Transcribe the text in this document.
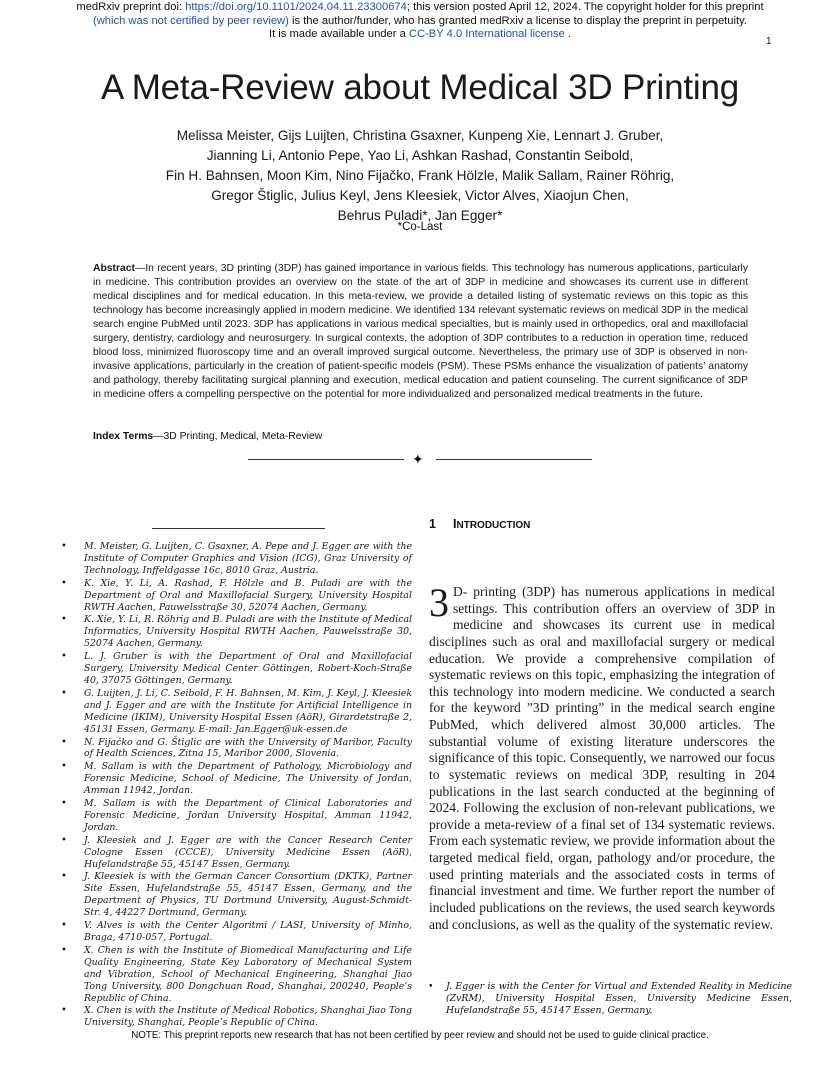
medRxiv preprint doi: https://doi.org/10.1101/2024.04.11.23300674; this version posted April 12, 2024. The copyright holder for this preprint
(which was not certified by peer review) is the author/funder, who has granted medRxiv a license to display the preprint in perpetuity.
It is made available under a CC-BY 4.0 International license .
1
A Meta-Review about Medical 3D Printing
Melissa Meister, Gijs Luijten, Christina Gsaxner, Kunpeng Xie, Lennart J. Gruber,
Jianning Li, Antonio Pepe, Yao Li, Ashkan Rashad, Constantin Seibold,
Fin H. Bahnsen, Moon Kim, Nino Fijačko, Frank Hölzle, Malik Sallam, Rainer Röhrig,
Gregor Štiglic, Julius Keyl, Jens Kleesiek, Victor Alves, Xiaojun Chen,
Behrus Puladi*, Jan Egger*
*Co-Last
Abstract—In recent years, 3D printing (3DP) has gained importance in various fields. This technology has numerous applications, particularly in medicine. This contribution provides an overview on the state of the art of 3DP in medicine and showcases its current use in different medical disciplines and for medical education. In this meta-review, we provide a detailed listing of systematic reviews on this topic as this technology has become increasingly applied in modern medicine. We identified 134 relevant systematic reviews on medical 3DP in the medical search engine PubMed until 2023. 3DP has applications in various medical specialties, but is mainly used in orthopedics, oral and maxillofacial surgery, dentistry, cardiology and neurosurgery. In surgical contexts, the adoption of 3DP contributes to a reduction in operation time, reduced blood loss, minimized fluoroscopy time and an overall improved surgical outcome. Nevertheless, the primary use of 3DP is observed in non-invasive applications, particularly in the creation of patient-specific models (PSM). These PSMs enhance the visualization of patients’ anatomy and pathology, thereby facilitating surgical planning and execution, medical education and patient counseling. The current significance of 3DP in medicine offers a compelling perspective on the potential for more individualized and personalized medical treatments in the future.
Index Terms—3D Printing, Medical, Meta-Review
✦
• M. Meister, G. Luijten, C. Gsaxner, A. Pepe and J. Egger are with the Institute of Computer Graphics and Vision (ICG), Graz University of Technology, Inffeldgasse 16c, 8010 Graz, Austria.
• K. Xie, Y. Li, A. Rashad, F. Hölzle and B. Puladi are with the Department of Oral and Maxillofacial Surgery, University Hospital RWTH Aachen, Pauwelsstraße 30, 52074 Aachen, Germany.
• K. Xie, Y. Li, R. Röhrig and B. Puladi are with the Institute of Medical Informatics, University Hospital RWTH Aachen, Pauwelsstraße 30, 52074 Aachen, Germany.
• L. J. Gruber is with the Department of Oral and Maxillofacial Surgery, University Medical Center Göttingen, Robert-Koch-Straße 40, 37075 Göttingen, Germany.
• G. Luijten, J. Li, C. Seibold, F. H. Bahnsen, M. Kim, J. Keyl, J. Kleesiek and J. Egger and are with the Institute for Artificial Intelligence in Medicine (IKIM), University Hospital Essen (AöR), Girardetstraße 2, 45131 Essen, Germany. E-mail: Jan.Egger@uk-essen.de
• N. Fijačko and G. Štiglic are with the University of Maribor, Faculty of Health Sciences, Zitna 15, Maribor 2000, Slovenia.
• M. Sallam is with the Department of Pathology, Microbiology and Forensic Medicine, School of Medicine, The University of Jordan, Amman 11942, Jordan.
• M. Sallam is with the Department of Clinical Laboratories and Forensic Medicine, Jordan University Hospital, Amman 11942, Jordan.
• J. Kleesiek and J. Egger are with the Cancer Research Center Cologne Essen (CCCE), University Medicine Essen (AöR), Hufelandstraße 55, 45147 Essen, Germany.
• J. Kleesiek is with the German Cancer Consortium (DKTK), Partner Site Essen, Hufelandstraße 55, 45147 Essen, Germany, and the Department of Physics, TU Dortmund University, August-Schmidt-Str. 4, 44227 Dortmund, Germany.
• V. Alves is with the Center Algoritmi / LASI, University of Minho, Braga, 4710-057, Portugal.
• X. Chen is with the Institute of Biomedical Manufacturing and Life Quality Engineering, State Key Laboratory of Mechanical System and Vibration, School of Mechanical Engineering, Shanghai Jiao Tong University, 800 Dongchuan Road, Shanghai, 200240, People’s Republic of China.
• X. Chen is with the Institute of Medical Robotics, Shanghai Jiao Tong University, Shanghai, People’s Republic of China.
1 INTRODUCTION
3 D- printing (3DP) has numerous applications in medical settings. This contribution offers an overview of 3DP in medicine and showcases its current use in medical disciplines such as oral and maxillofacial surgery or medical education. We provide a comprehensive compilation of systematic reviews on this topic, emphasizing the integration of this technology into modern medicine. We conducted a search for the keyword ”3D printing” in the medical search engine PubMed, which delivered almost 30,000 articles. The substantial volume of existing literature underscores the significance of this topic. Consequently, we narrowed our focus to systematic reviews on medical 3DP, resulting in 204 publications in the last search conducted at the beginning of 2024. Following the exclusion of non-relevant publications, we provide a meta-review of a final set of 134 systematic reviews. From each systematic review, we provide information about the targeted medical field, organ, pathology and/or procedure, the used printing materials and the associated costs in terms of financial investment and time. We further report the number of included publications on the reviews, the used search keywords and conclusions, as well as the quality of the systematic review.
• J. Egger is with the Center for Virtual and Extended Reality in Medicine (ZvRM), University Hospital Essen, University Medicine Essen, Hufelandstraße 55, 45147 Essen, Germany.
NOTE: This preprint reports new research that has not been certified by peer review and should not be used to guide clinical practice.
